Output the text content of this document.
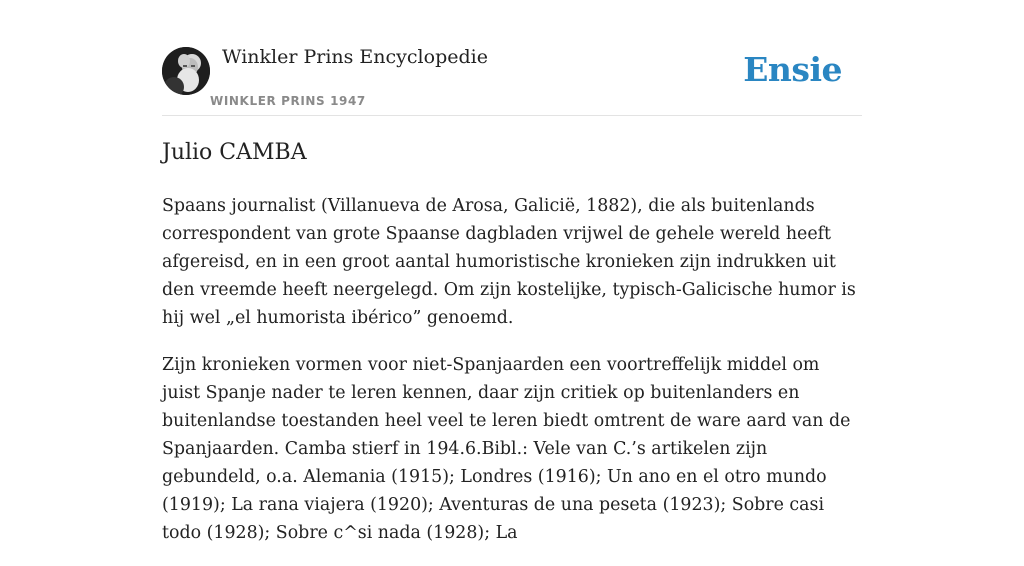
Winkler Prins Encyclopedie
WINKLER PRINS 1947
Ensie
Julio CAMBA

Spaans journalist (Villanueva de Arosa, Galicië, 1882), die als buitenlands correspondent van grote Spaanse dagbladen vrijwel de gehele wereld heeft afgereisd, en in een groot aantal humoristische kronieken zijn indrukken uit den vreemde heeft neergelegd. Om zijn kostelijke, typisch-Galicische humor is hij wel „el humorista ibérico” genoemd.

Zijn kronieken vormen voor niet-Spanjaarden een voortreffelijk middel om juist Spanje nader te leren kennen, daar zijn critiek op buitenlanders en buitenlandse toestanden heel veel te leren biedt omtrent de ware aard van de Spanjaarden. Camba stierf in 194.6.Bibl.: Vele van C.’s artikelen zijn gebundeld, o.a. Alemania (1915); Londres (1916); Un ano en el otro mundo (1919); La rana viajera (1920); Aventuras de una peseta (1923); Sobre casi todo (1928); Sobre c^si nada (1928); La
